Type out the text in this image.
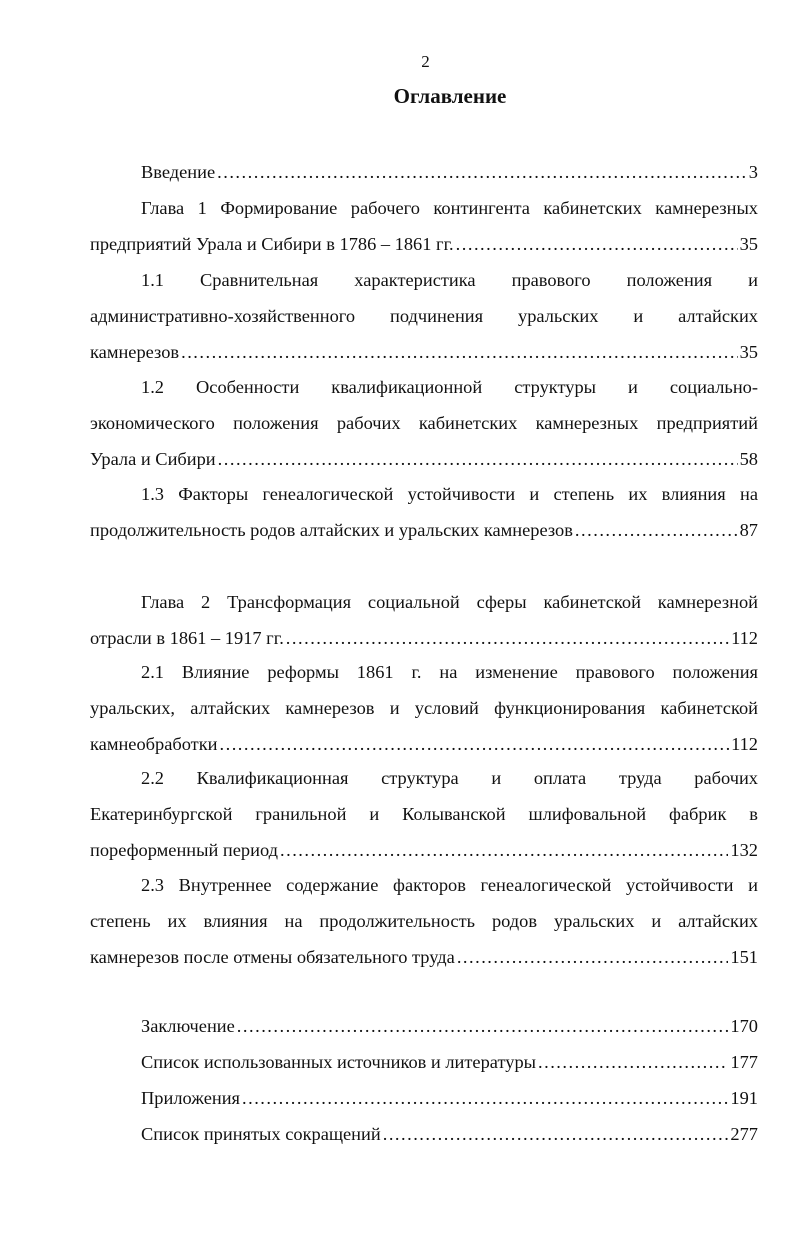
2
Оглавление
Введение .....	3
Глава 1 Формирование рабочего контингента кабинетских камнерезных
предприятий Урала и Сибири в 1786 – 1861 гг. .....	35
1.1 Сравнительная характеристика правового положения и
административно-хозяйственного подчинения уральских и алтайских
камнерезов .....	35
1.2 Особенности квалификационной структуры и социально-
экономического положения рабочих кабинетских камнерезных предприятий
Урала и Сибири .....	58
1.3 Факторы генеалогической устойчивости и степень их влияния на
продолжительность родов алтайских и уральских камнерезов .....	87
Глава 2 Трансформация социальной сферы кабинетской камнерезной
отрасли в 1861 – 1917 гг. .....	112
2.1 Влияние реформы 1861 г. на изменение правового положения
уральских, алтайских камнерезов и условий функционирования кабинетской
камнеобработки .....	112
2.2 Квалификационная структура и оплата труда рабочих
Екатеринбургской гранильной и Колыванской шлифовальной фабрик в
пореформенный период .....	132
2.3 Внутреннее содержание факторов генеалогической устойчивости и
степень их влияния на продолжительность родов уральских и алтайских
камнерезов после отмены обязательного труда .....	151
Заключение .....	170
Список использованных источников и литературы .....	177
Приложения .....	191
Список принятых сокращений .....	277
